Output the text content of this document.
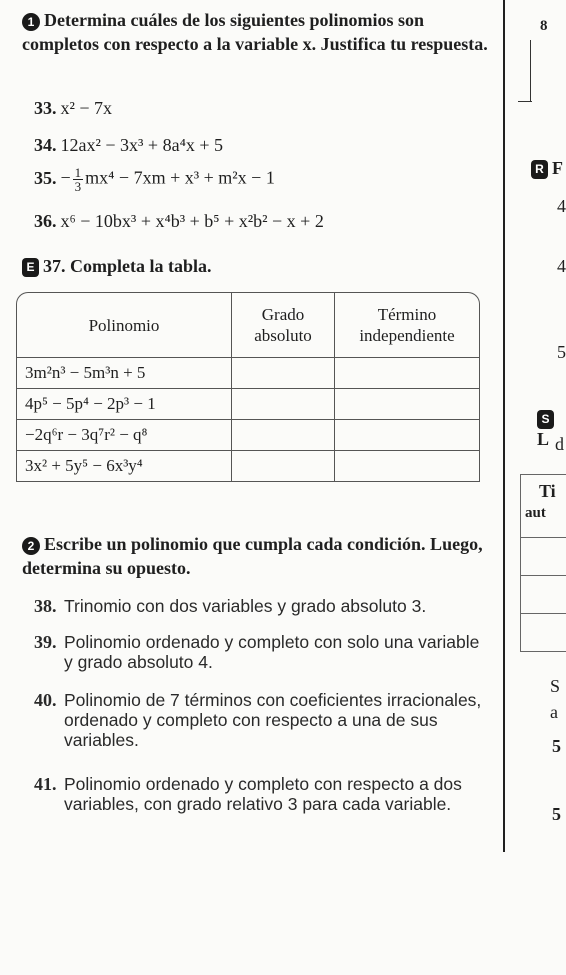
1 Determina cuáles de los siguientes polinomios son completos con respecto a la variable x. Justifica tu respuesta.
33. x² − 7x
34. 12ax² − 3x³ + 8a⁴x + 5
35. − $\frac{1}{3} mx^4 - 7xm + x^3 + m^2x - 1$
36. x⁶ − 10bx³ + x⁴b³ + b⁵ + x²b² − x + 2
E 37. Completa la tabla.
Polinomio	Grado absoluto	Término independiente
3m²n³ − 5m³n + 5		
4p⁵ − 5p⁴ − 2p³ − 1		
−2q⁶r − 3q⁷r² − q⁸		
3x² + 5y⁵ − 6x³y⁴		
2 Escribe un polinomio que cumpla cada condición. Luego, determina su opuesto.
38. Trinomio con dos variables y grado absoluto 3.
39. Polinomio ordenado y completo con solo una variable y grado absoluto 4.
40. Polinomio de 7 términos con coeficientes irracionales, ordenado y completo con respecto a una de sus variables.
41. Polinomio ordenado y completo con respecto a dos variables, con grado relativo 3 para cada variable.
8
R F
4
4
5
SL d
Ti
aut
S
a
5
5
